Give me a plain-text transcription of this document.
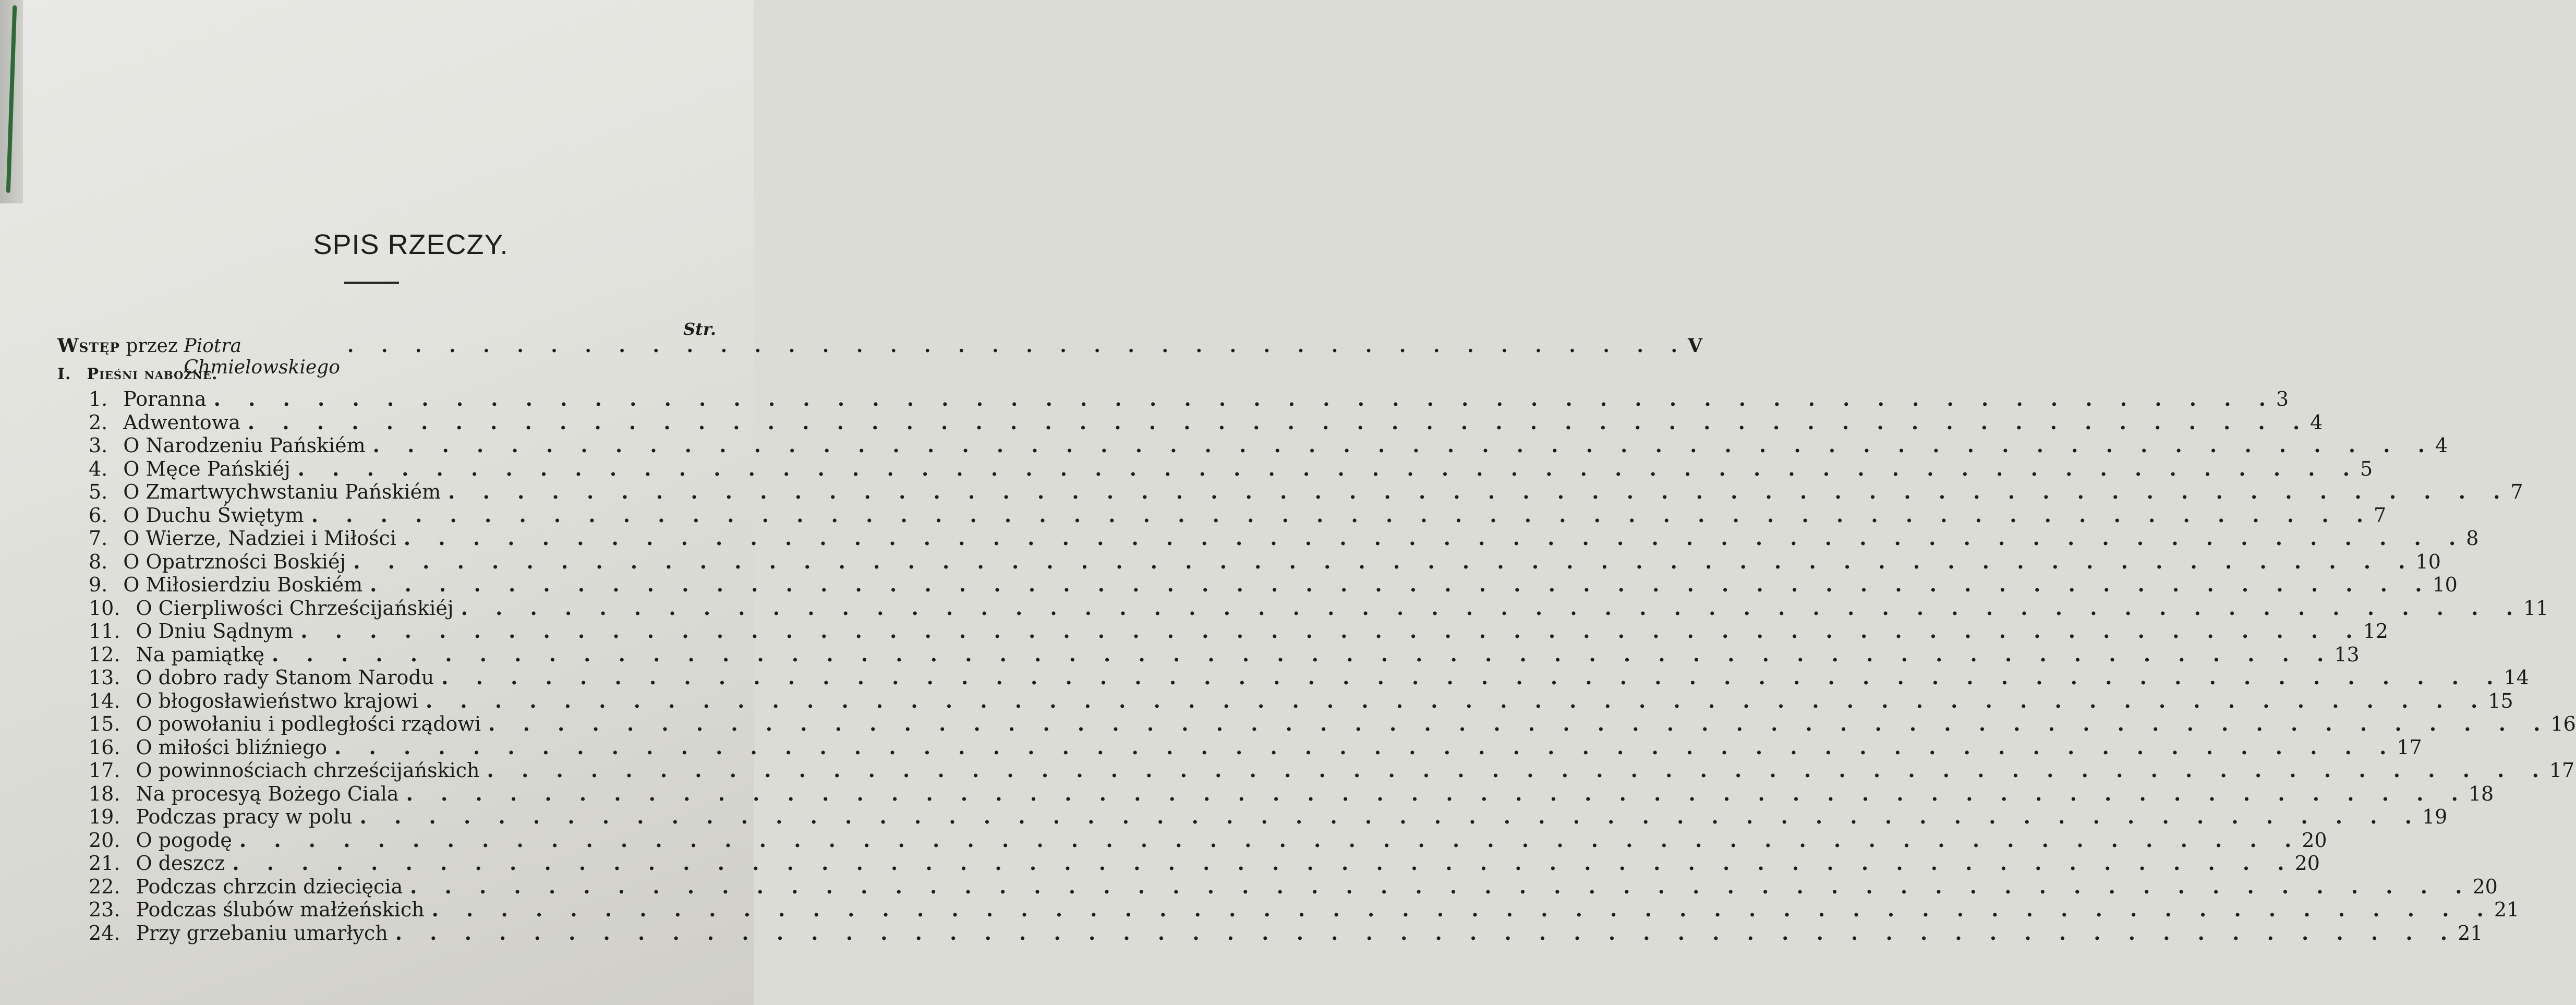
SPIS RZECZY.
Str.
Wstęp
przez
Piotra Chmielowskiego
. . . . . . . . . . . . . . . . . . . . . . . . . . . . . . . . . . . . . . . . V
I. Pieśni nabożne.
1. Poranna . . . . . . . . . . . . . . . . . . . . . . . . . . . . . . . . . . . . . . . . . . . . . . . . . . . . . . . . . . . . 3
2. Adwentowa . . . . . . . . . . . . . . . . . . . . . . . . . . . . . . . . . . . . . . . . . . . . . . . . . . . . . . . . . . . . 4
3. O Narodzeniu Pańskiém . . . . . . . . . . . . . . . . . . . . . . . . . . . . . . . . . . . . . . . . . . . . . . . . . . . . . . . . . . . . 4
4. O Męce Pańskiéj . . . . . . . . . . . . . . . . . . . . . . . . . . . . . . . . . . . . . . . . . . . . . . . . . . . . . . . . . . . . 5
5. O Zmartwychwstaniu Pańskiém . . . . . . . . . . . . . . . . . . . . . . . . . . . . . . . . . . . . . . . . . . . . . . . . . . . . . . . . . . . . 7
6. O Duchu Świętym . . . . . . . . . . . . . . . . . . . . . . . . . . . . . . . . . . . . . . . . . . . . . . . . . . . . . . . . . . . . 7
7. O Wierze, Nadziei i Miłości . . . . . . . . . . . . . . . . . . . . . . . . . . . . . . . . . . . . . . . . . . . . . . . . . . . . . . . . . . . . 8
8. O Opatrzności Boskiéj . . . . . . . . . . . . . . . . . . . . . . . . . . . . . . . . . . . . . . . . . . . . . . . . . . . . . . . . . . . . 10
9. O Miłosierdziu Boskiém . . . . . . . . . . . . . . . . . . . . . . . . . . . . . . . . . . . . . . . . . . . . . . . . . . . . . . . . . . . . 10
10. O Cierpliwości Chrześcijańskiéj . . . . . . . . . . . . . . . . . . . . . . . . . . . . . . . . . . . . . . . . . . . . . . . . . . . . . . . . . . . . 11
11. O Dniu Sądnym . . . . . . . . . . . . . . . . . . . . . . . . . . . . . . . . . . . . . . . . . . . . . . . . . . . . . . . . . . . . 12
12. Na pamiątkę . . . . . . . . . . . . . . . . . . . . . . . . . . . . . . . . . . . . . . . . . . . . . . . . . . . . . . . . . . . . 13
13. O dobro rady Stanom Narodu . . . . . . . . . . . . . . . . . . . . . . . . . . . . . . . . . . . . . . . . . . . . . . . . . . . . . . . . . . . . 14
14. O błogosławieństwo krajowi . . . . . . . . . . . . . . . . . . . . . . . . . . . . . . . . . . . . . . . . . . . . . . . . . . . . . . . . . . . . 15
15. O powołaniu i podległości rządowi . . . . . . . . . . . . . . . . . . . . . . . . . . . . . . . . . . . . . . . . . . . . . . . . . . . . . . . . . . . . 16
16. O miłości bliźniego . . . . . . . . . . . . . . . . . . . . . . . . . . . . . . . . . . . . . . . . . . . . . . . . . . . . . . . . . . . . 17
17. O powinnościach chrześcijańskich . . . . . . . . . . . . . . . . . . . . . . . . . . . . . . . . . . . . . . . . . . . . . . . . . . . . . . . . . . . . 17
18. Na procesyą Bożego Ciala . . . . . . . . . . . . . . . . . . . . . . . . . . . . . . . . . . . . . . . . . . . . . . . . . . . . . . . . . . . . 18
19. Podczas pracy w polu . . . . . . . . . . . . . . . . . . . . . . . . . . . . . . . . . . . . . . . . . . . . . . . . . . . . . . . . . . . . 19
20. O pogodę . . . . . . . . . . . . . . . . . . . . . . . . . . . . . . . . . . . . . . . . . . . . . . . . . . . . . . . . . . . . 20
21. O deszcz . . . . . . . . . . . . . . . . . . . . . . . . . . . . . . . . . . . . . . . . . . . . . . . . . . . . . . . . . . . . 20
22. Podczas chrzcin dziecięcia . . . . . . . . . . . . . . . . . . . . . . . . . . . . . . . . . . . . . . . . . . . . . . . . . . . . . . . . . . . . 20
23. Podczas ślubów małżeńskich . . . . . . . . . . . . . . . . . . . . . . . . . . . . . . . . . . . . . . . . . . . . . . . . . . . . . . . . . . . . 21
24. Przy grzebaniu umarłych . . . . . . . . . . . . . . . . . . . . . . . . . . . . . . . . . . . . . . . . . . . . . . . . . . . . . . . . . . . . 21
